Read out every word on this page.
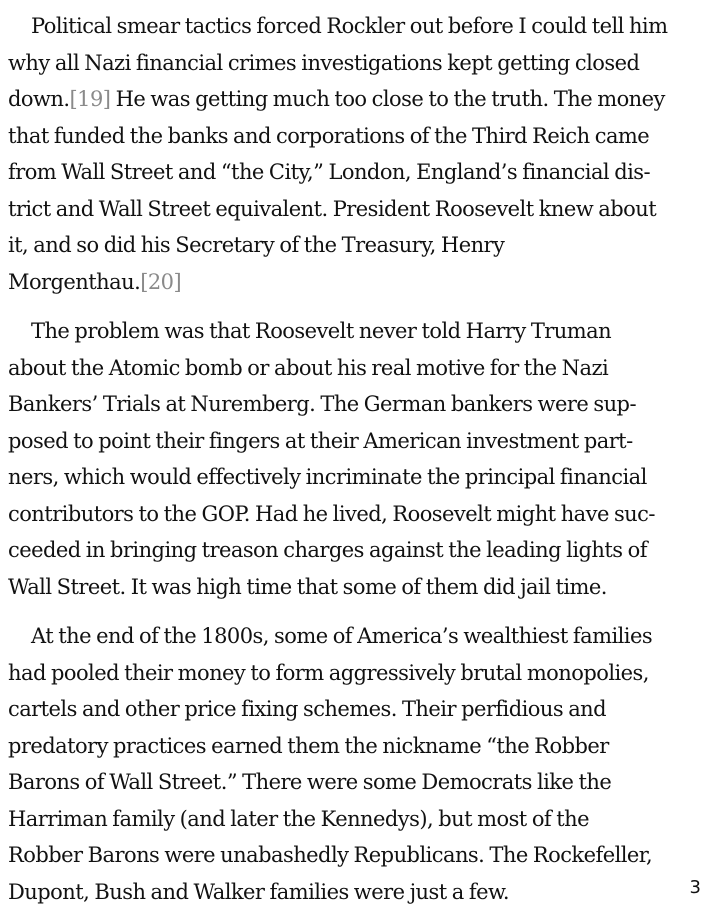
Political smear tactics forced Rockler out before I could tell him
why all Nazi financial crimes investigations kept getting closed
down.[19] He was getting much too close to the truth. The money
that funded the banks and corporations of the Third Reich came
from Wall Street and “the City,” London, England’s financial dis-
trict and Wall Street equivalent. President Roosevelt knew about
it, and so did his Secretary of the Treasury, Henry
Morgenthau.[20]

The problem was that Roosevelt never told Harry Truman
about the Atomic bomb or about his real motive for the Nazi
Bankers’ Trials at Nuremberg. The German bankers were sup-
posed to point their fingers at their American investment part-
ners, which would effectively incriminate the principal financial
contributors to the GOP. Had he lived, Roosevelt might have suc-
ceeded in bringing treason charges against the leading lights of
Wall Street. It was high time that some of them did jail time.

At the end of the 1800s, some of America’s wealthiest families
had pooled their money to form aggressively brutal monopolies,
cartels and other price fixing schemes. Their perfidious and
predatory practices earned them the nickname “the Robber
Barons of Wall Street.” There were some Democrats like the
Harriman family (and later the Kennedys), but most of the
Robber Barons were unabashedly Republicans. The Rockefeller,
Dupont, Bush and Walker families were just a few.	3
